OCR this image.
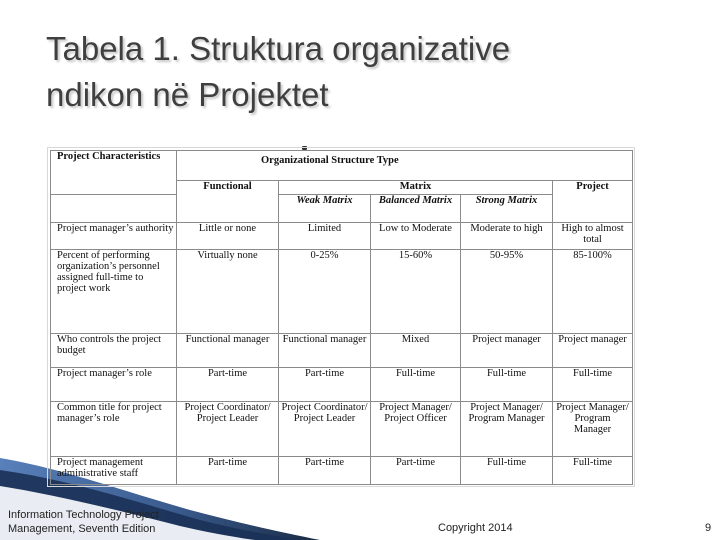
Tabela 1. Struktura organizative
ndikon në Projektet
Project Characteristics	Organizational Structure Type				
	Functional	Matrix			Project
		Weak Matrix	Balanced Matrix	Strong Matrix	
Project manager’s authority	Little or none	Limited	Low to Moderate	Moderate to high	High to almost total
Percent of performing organization’s personnel assigned full-time to project work	Virtually none	0-25%	15-60%	50-95%	85-100%
Who controls the project budget	Functional manager	Functional manager	Mixed	Project manager	Project manager
Project manager’s role	Part-time	Part-time	Full-time	Full-time	Full-time
Common title for project manager’s role	Project Coordinator/ Project Leader	Project Coordinator/ Project Leader	Project Manager/ Project Officer	Project Manager/ Program Manager	Project Manager/ Program Manager
Project management administrative staff	Part-time	Part-time	Part-time	Full-time	Full-time
Information Technology Project
Management, Seventh Edition	Copyright 2014	9
